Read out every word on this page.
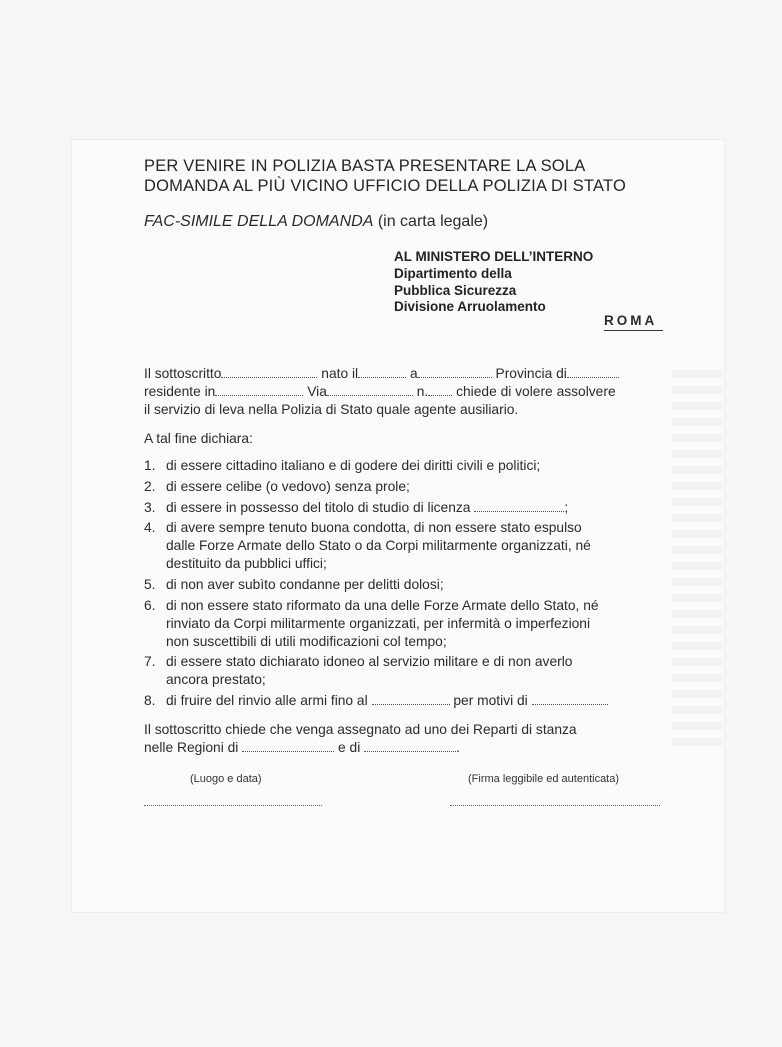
PER VENIRE IN POLIZIA BASTA PRESENTARE LA SOLA
DOMANDA AL PIÙ VICINO UFFICIO DELLA POLIZIA DI STATO
FAC-SIMILE DELLA DOMANDA (in carta legale)
AL MINISTERO DELL’INTERNO
Dipartimento della
Pubblica Sicurezza
Divisione Arruolamento
ROMA
Il sottoscritto	nato il	a	Provincia di
residente in	Via	n. chiede di volere assolvere
il servizio di leva nella Polizia di Stato quale agente ausiliario.
A tal fine dichiara:
1. di essere cittadino italiano e di godere dei diritti civili e politici;
2. di essere celibe (o vedovo) senza prole;
3. di essere in possesso del titolo di studio di licenza	;
4. di avere sempre tenuto buona condotta, di non essere stato espulso
dalle Forze Armate dello Stato o da Corpi militarmente organizzati, né
destituito da pubblici uffici;
5. di non aver subìto condanne per delitti dolosi;
6. di non essere stato riformato da una delle Forze Armate dello Stato, né
rinviato da Corpi militarmente organizzati, per infermità o imperfezioni
non suscettibili di utili modificazioni col tempo;
7. di essere stato dichiarato idoneo al servizio militare e di non averlo
ancora prestato;
8. di fruire del rinvio alle armi fino al	per motivi di
Il sottoscritto chiede che venga assegnato ad uno dei Reparti di stanza
nelle Regioni di	e di	.
(Luogo e data)	(Firma leggibile ed autenticata)
